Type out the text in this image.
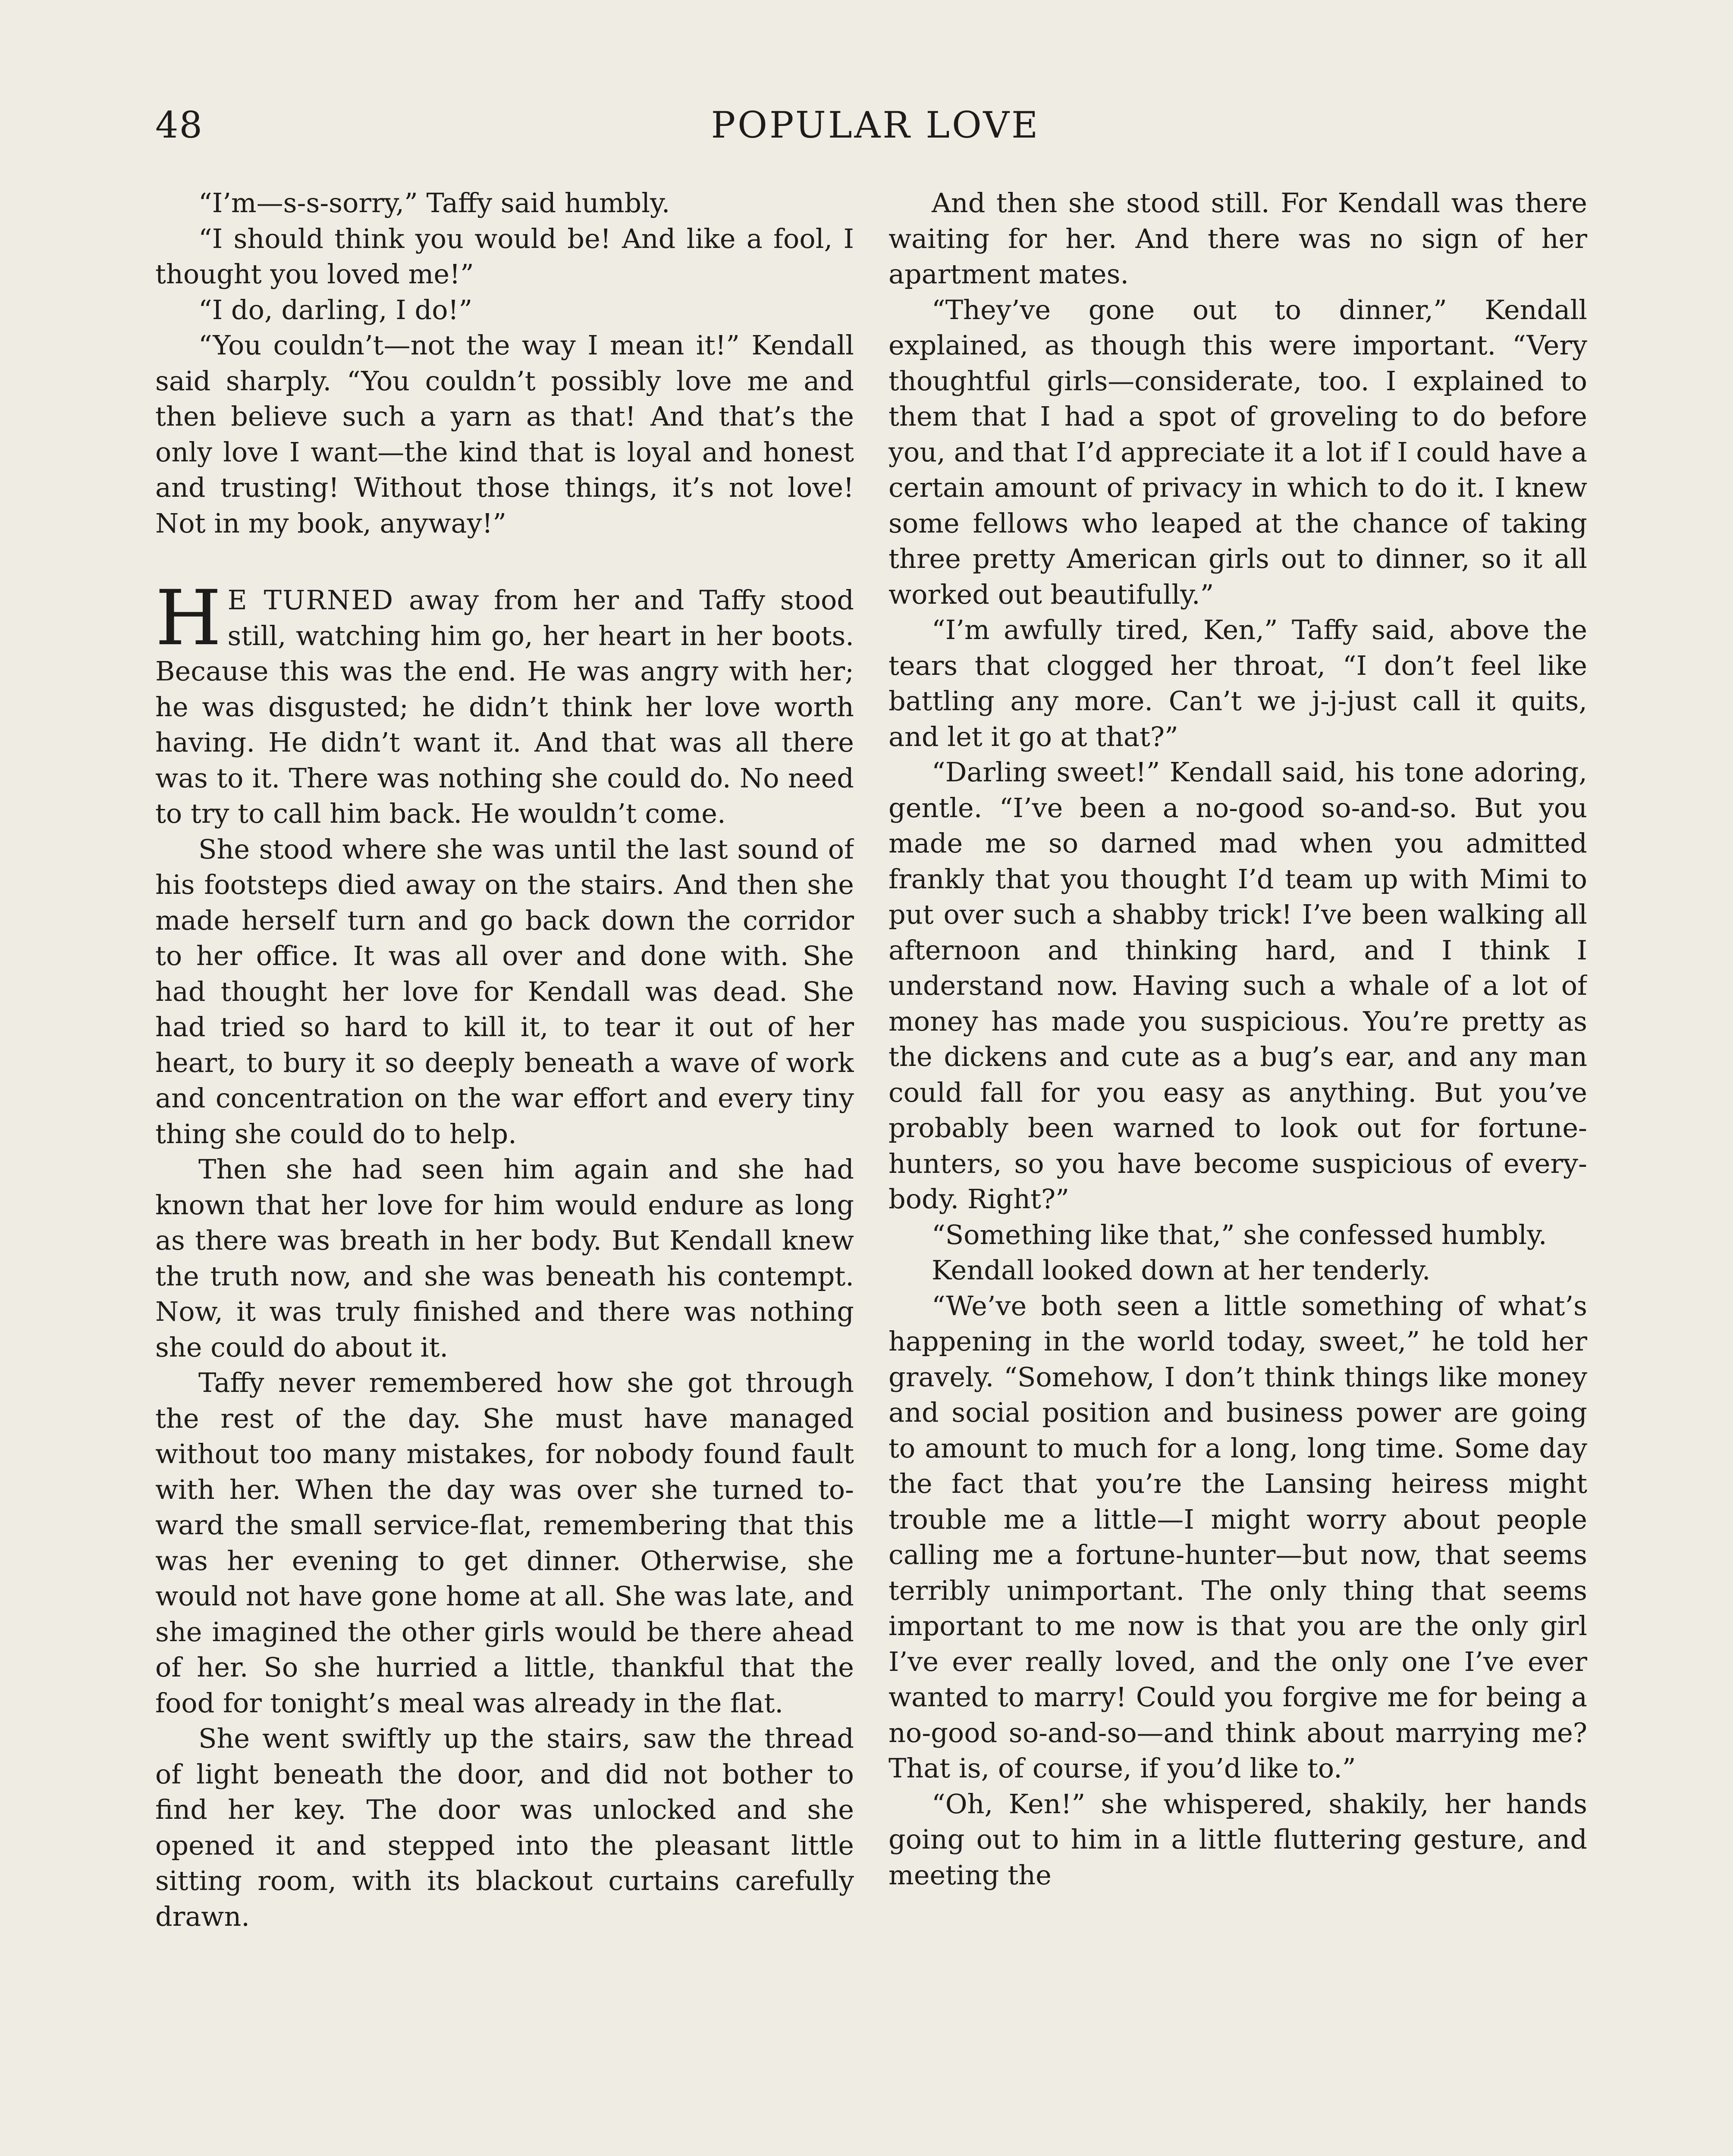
48	POPULAR LOVE

“I’m—s-s-sorry,” Taffy said humbly.

“I should think you would be! And like a fool, I thought you loved me!”

“I do, darling, I do!”

“You couldn’t—not the way I mean it!” Kendall said sharply. “You couldn’t possibly love me and then believe such a yarn as that! And that’s the only love I want—the kind that is loyal and honest and trusting! Without those things, it’s not love! Not in my book, anyway!”

H E TURNED away from her and Taffy stood still, watching him go, her heart in her boots. Because this was the end. He was angry with her; he was disgusted; he didn’t think her love worth having. He didn’t want it. And that was all there was to it. There was nothing she could do. No need to try to call him back. He wouldn’t come.

She stood where she was until the last sound of his footsteps died away on the stairs. And then she made herself turn and go back down the corridor to her office. It was all over and done with. She had thought her love for Kendall was dead. She had tried so hard to kill it, to tear it out of her heart, to bury it so deeply beneath a wave of work and concentration on the war effort and every tiny thing she could do to help.

Then she had seen him again and she had known that her love for him would endure as long as there was breath in her body. But Kendall knew the truth now, and she was beneath his contempt. Now, it was truly finished and there was nothing she could do about it.

Taffy never remembered how she got through the rest of the day. She must have managed without too many mistakes, for nobody found fault with her. When the day was over she turned toward the small service-flat, remembering that this was her evening to get dinner. Otherwise, she would not have gone home at all. She was late, and she imagined the other girls would be there ahead of her. So she hurried a little, thankful that the food for tonight’s meal was already in the flat.

She went swiftly up the stairs, saw the thread of light beneath the door, and did not bother to find her key. The door was unlocked and she opened it and stepped into the pleasant little sitting room, with its blackout curtains carefully drawn.

And then she stood still. For Kendall was there waiting for her. And there was no sign of her apartment mates.

“They’ve gone out to dinner,” Kendall explained, as though this were important. “Very thoughtful girls—considerate, too. I explained to them that I had a spot of groveling to do before you, and that I’d appreciate it a lot if I could have a certain amount of privacy in which to do it. I knew some fellows who leaped at the chance of taking three pretty American girls out to dinner, so it all worked out beautifully.”

“I’m awfully tired, Ken,” Taffy said, above the tears that clogged her throat, “I don’t feel like battling any more. Can’t we j-j-just call it quits, and let it go at that?”

“Darling sweet!” Kendall said, his tone adoring, gentle. “I’ve been a no-good so-and-so. But you made me so darned mad when you admitted frankly that you thought I’d team up with Mimi to put over such a shabby trick! I’ve been walking all afternoon and thinking hard, and I think I understand now. Having such a whale of a lot of money has made you suspicious. You’re pretty as the dickens and cute as a bug’s ear, and any man could fall for you easy as anything. But you’ve probably been warned to look out for fortune-hunters, so you have become suspicious of everybody. Right?”

“Something like that,” she confessed humbly.

Kendall looked down at her tenderly.

“We’ve both seen a little something of what’s happening in the world today, sweet,” he told her gravely. “Somehow, I don’t think things like money and social position and business power are going to amount to much for a long, long time. Some day the fact that you’re the Lansing heiress might trouble me a little—I might worry about people calling me a fortune-hunter—but now, that seems terribly unimportant. The only thing that seems important to me now is that you are the only girl I’ve ever really loved, and the only one I’ve ever wanted to marry! Could you forgive me for being a no-good so-and-so—and think about marrying me? That is, of course, if you’d like to.”

“Oh, Ken!” she whispered, shakily, her hands going out to him in a little fluttering gesture, and meeting the
